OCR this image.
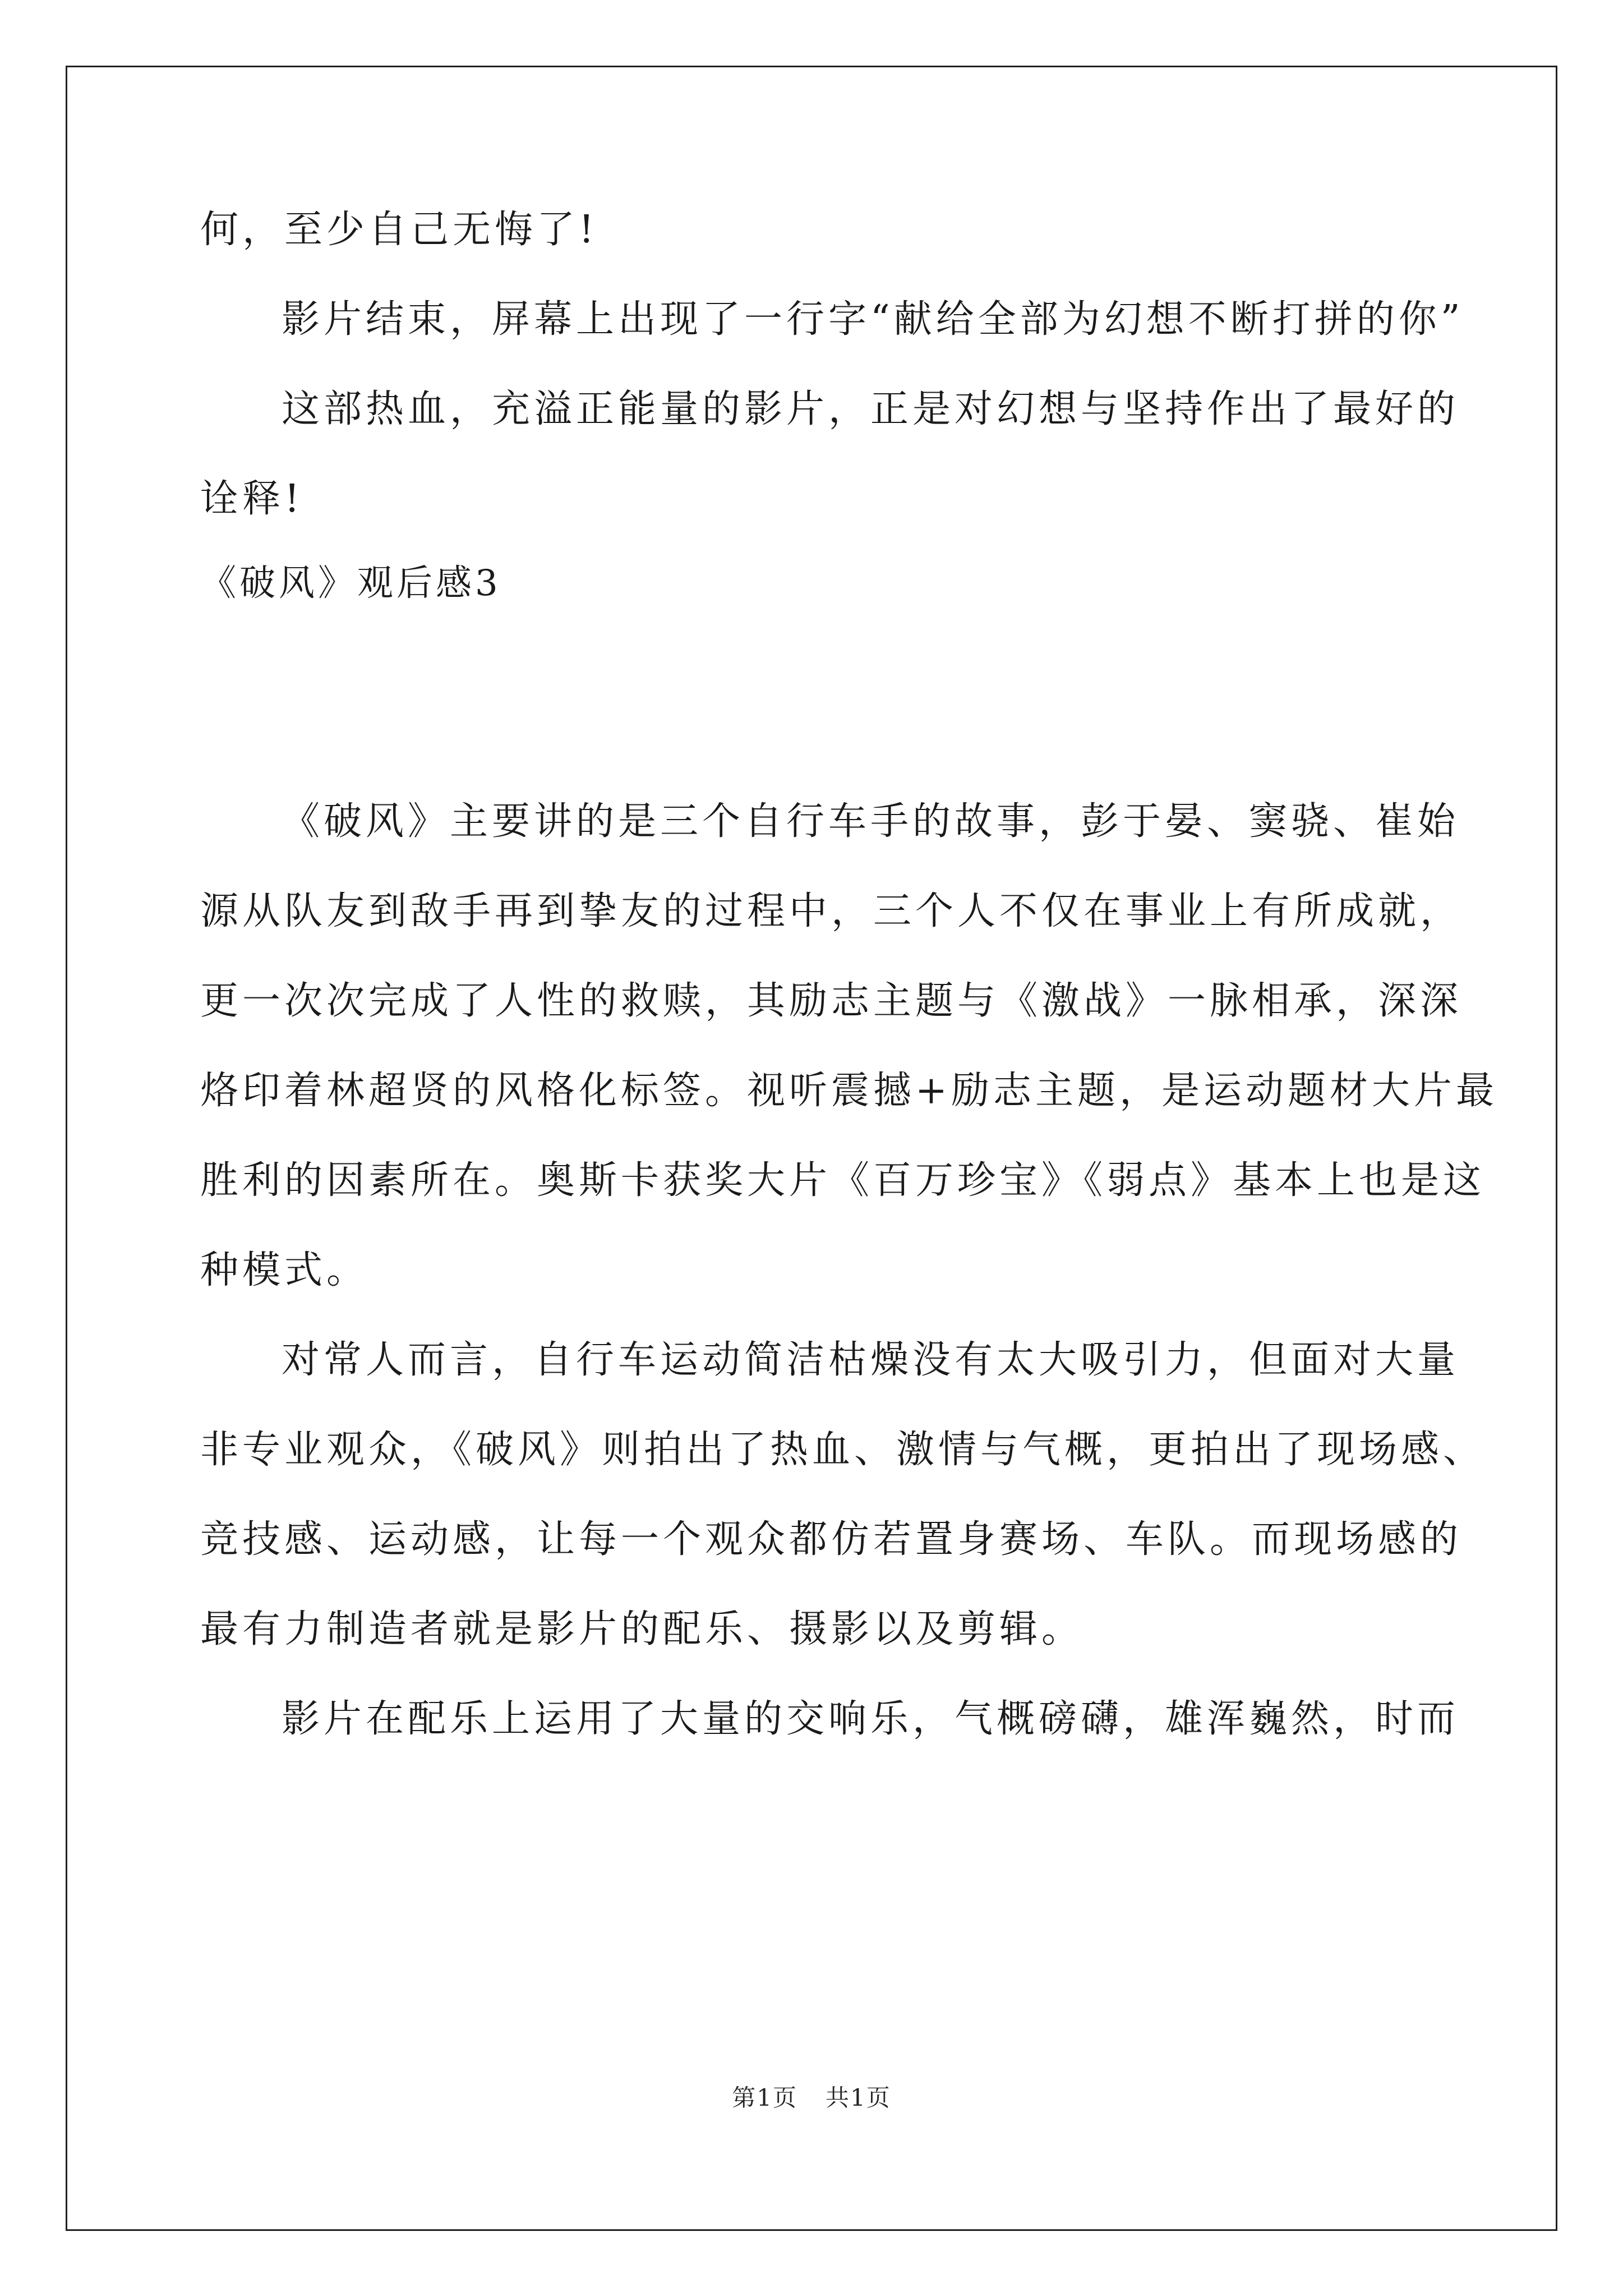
何，至少自己无悔了!
影片结束，屏幕上出现了一行字“献给全部为幻想不断打拼的你”
这部热血，充溢正能量的影片，正是对幻想与坚持作出了最好的
诠释!
《破风》观后感3
《破风》主要讲的是三个自行车手的故事，彭于晏、窦骁、崔始
源从队友到敌手再到挚友的过程中，三个人不仅在事业上有所成就，
更一次次完成了人性的救赎，其励志主题与《激战》一脉相承，深深
烙印着林超贤的风格化标签。视听震撼+励志主题，是运动题材大片最
胜利的因素所在。奥斯卡获奖大片《百万珍宝》《弱点》基本上也是这
种模式。
对常人而言，自行车运动简洁枯燥没有太大吸引力，但面对大量
非专业观众，《破风》则拍出了热血、激情与气概，更拍出了现场感、
竞技感、运动感，让每一个观众都仿若置身赛场、车队。而现场感的
最有力制造者就是影片的配乐、摄影以及剪辑。
影片在配乐上运用了大量的交响乐，气概磅礴，雄浑巍然，时而
第1页 共1页
